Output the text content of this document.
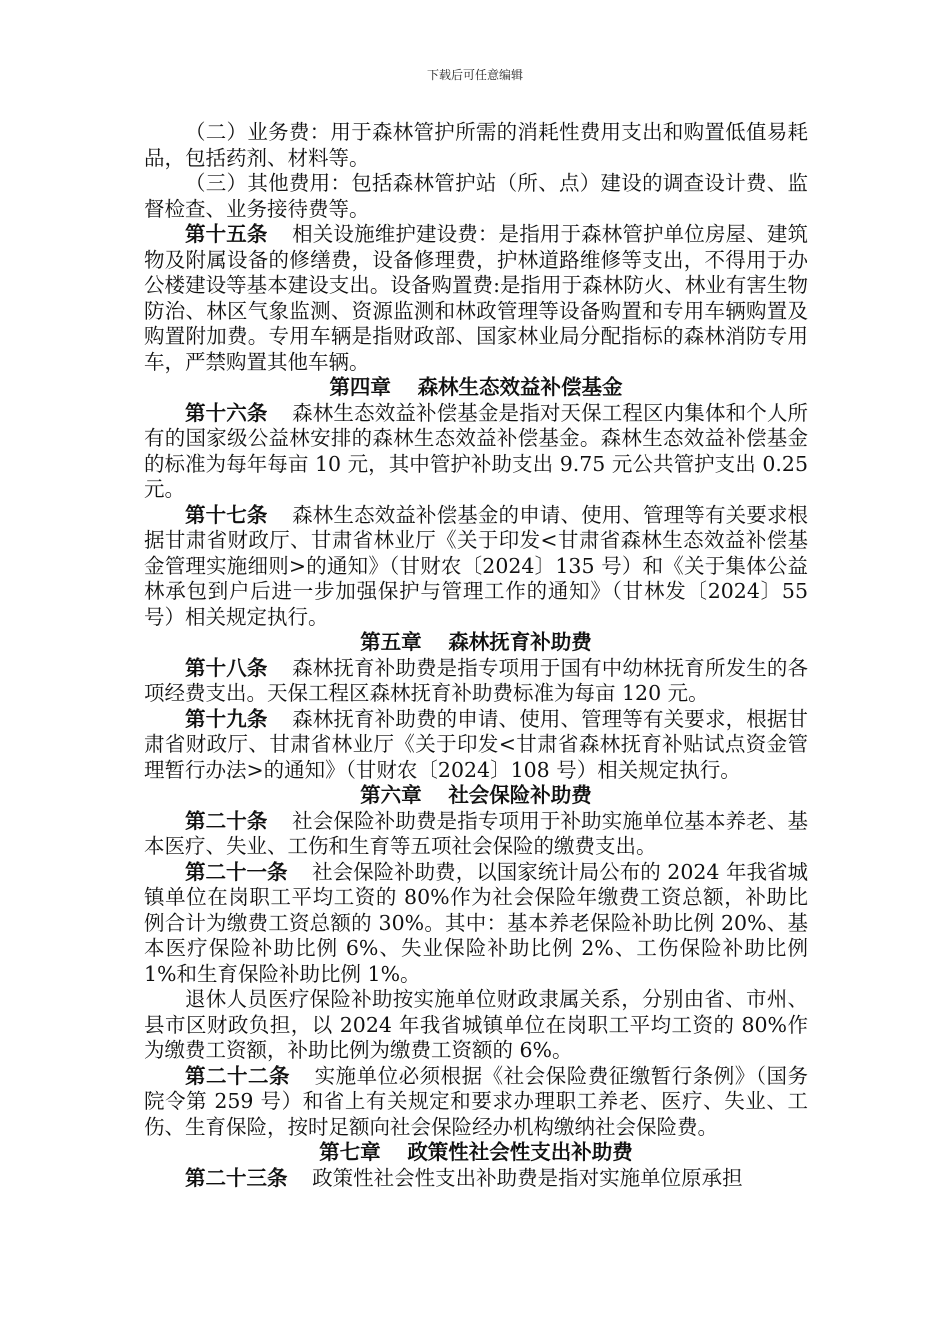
下载后可任意编辑

（二）业务费：用于森林管护所需的消耗性费用支出和购置低值易耗品，包括药剂、材料等。

（三）其他费用：包括森林管护站（所、点）建设的调查设计费、监督检查、业务接待费等。

第十五条 相关设施维护建设费：是指用于森林管护单位房屋、建筑物及附属设备的修缮费，设备修理费，护林道路维修等支出，不得用于办公楼建设等基本建设支出。设备购置费:是指用于森林防火、林业有害生物防治、林区气象监测、资源监测和林政管理等设备购置和专用车辆购置及购置附加费。专用车辆是指财政部、国家林业局分配指标的森林消防专用车，严禁购置其他车辆。

第四章 森林生态效益补偿基金

第十六条 森林生态效益补偿基金是指对天保工程区内集体和个人所有的国家级公益林安排的森林生态效益补偿基金。森林生态效益补偿基金的标准为每年每亩 10 元，其中管护补助支出 9.75 元公共管护支出 0.25 元。

第十七条 森林生态效益补偿基金的申请、使用、管理等有关要求根据甘肃省财政厅、甘肃省林业厅《关于印发<甘肃省森林生态效益补偿基金管理实施细则>的通知》（甘财农〔2024〕135 号）和《关于集体公益林承包到户后进一步加强保护与管理工作的通知》（甘林发〔2024〕55 号）相关规定执行。

第五章 森林抚育补助费

第十八条 森林抚育补助费是指专项用于国有中幼林抚育所发生的各项经费支出。天保工程区森林抚育补助费标准为每亩 120 元。

第十九条 森林抚育补助费的申请、使用、管理等有关要求，根据甘肃省财政厅、甘肃省林业厅《关于印发<甘肃省森林抚育补贴试点资金管理暂行办法>的通知》（甘财农〔2024〕108 号）相关规定执行。

第六章 社会保险补助费

第二十条 社会保险补助费是指专项用于补助实施单位基本养老、基本医疗、失业、工伤和生育等五项社会保险的缴费支出。

第二十一条 社会保险补助费，以国家统计局公布的 2024 年我省城镇单位在岗职工平均工资的 80%作为社会保险年缴费工资总额，补助比例合计为缴费工资总额的 30%。其中：基本养老保险补助比例 20%、基本医疗保险补助比例 6%、失业保险补助比例 2%、工伤保险补助比例 1%和生育保险补助比例 1%。

退休人员医疗保险补助按实施单位财政隶属关系，分别由省、市州、县市区财政负担，以 2024 年我省城镇单位在岗职工平均工资的 80%作为缴费工资额，补助比例为缴费工资额的 6%。

第二十二条 实施单位必须根据《社会保险费征缴暂行条例》（国务院令第 259 号）和省上有关规定和要求办理职工养老、医疗、失业、工伤、生育保险，按时足额向社会保险经办机构缴纳社会保险费。

第七章 政策性社会性支出补助费

第二十三条 政策性社会性支出补助费是指对实施单位原承担
